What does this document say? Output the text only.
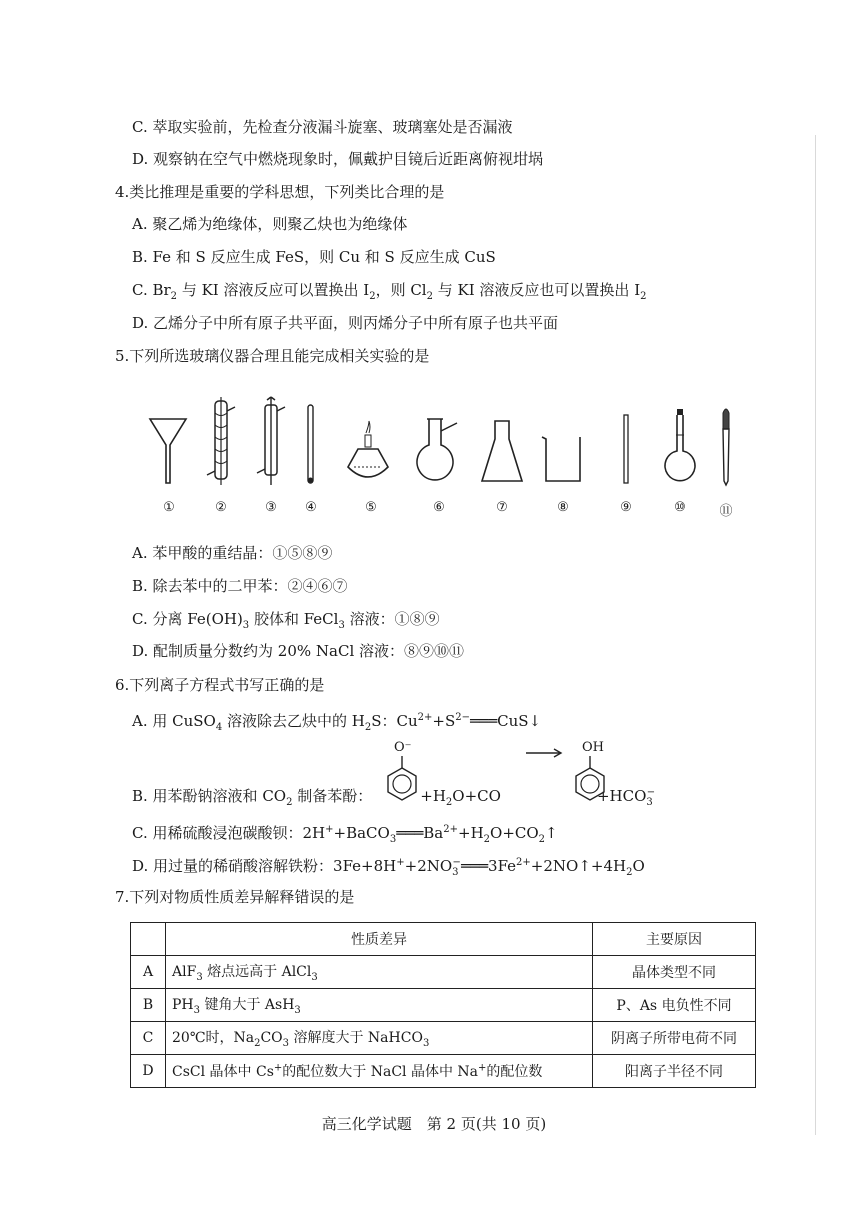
C. 萃取实验前，先检查分液漏斗旋塞、玻璃塞处是否漏液
D. 观察钠在空气中燃烧现象时，佩戴护目镜后近距离俯视坩埚
4.类比推理是重要的学科思想，下列类比合理的是
A. 聚乙烯为绝缘体，则聚乙炔也为绝缘体
B. Fe 和 S 反应生成 FeS，则 Cu 和 S 反应生成 CuS
C. $Br_2$ 与 KI 溶液反应可以置换出 $I_2$，则 $Cl_2$ 与 KI 溶液反应也可以置换出 $I_2$
D. 乙烯分子中所有原子共平面，则丙烯分子中所有原子也共平面
5.下列所选玻璃仪器合理且能完成相关实验的是
①	②	③	④	⑤	⑥	⑦	⑧	⑨	⑩	⑪
A. 苯甲酸的重结晶：①⑤⑧⑨
B. 除去苯中的二甲苯：②④⑥⑦
C. 分离 $Fe(OH)_3$ 胶体和 FeCl$_3$ 溶液：①⑧⑨
D. 配制质量分数约为 20% NaCl 溶液：⑧⑨⑩⑪
6.下列离子方程式书写正确的是
A. 用 CuSO$_4$ 溶液除去乙炔中的 $H_2S$：$Cu^{2+}+S^{2-}═══CuS↓$
B. 用苯酚钠溶液和 $CO_2$ 制备苯酚：	$+H_2O+CO$	$+HCO_3^-$
O⁻	→ OH
C. 用稀硫酸浸泡碳酸钡：$2H^++BaCO_3═══Ba^{2+}+H_2O+CO_2↑$
D. 用过量的稀硝酸溶解铁粉：$3Fe+8H^++2NO_3^-═══3Fe^{2+}+2NO↑+4H_2O$
7.下列对物质性质差异解释错误的是
	性质差异	主要原因
A	AlF$_3$ 熔点远高于 AlCl$_3$	晶体类型不同
B	$PH_3$ 键角大于 AsH$_3$	P、As 电负性不同
C	20℃时，$Na_2CO_3$ 溶解度大于 NaHCO$_3$	阴离子所带电荷不同
D	CsCl 晶体中 Cs+的配位数大于 NaCl 晶体中 Na+的配位数	阳离子半径不同
高三化学试题　第 2 页(共 10 页)
